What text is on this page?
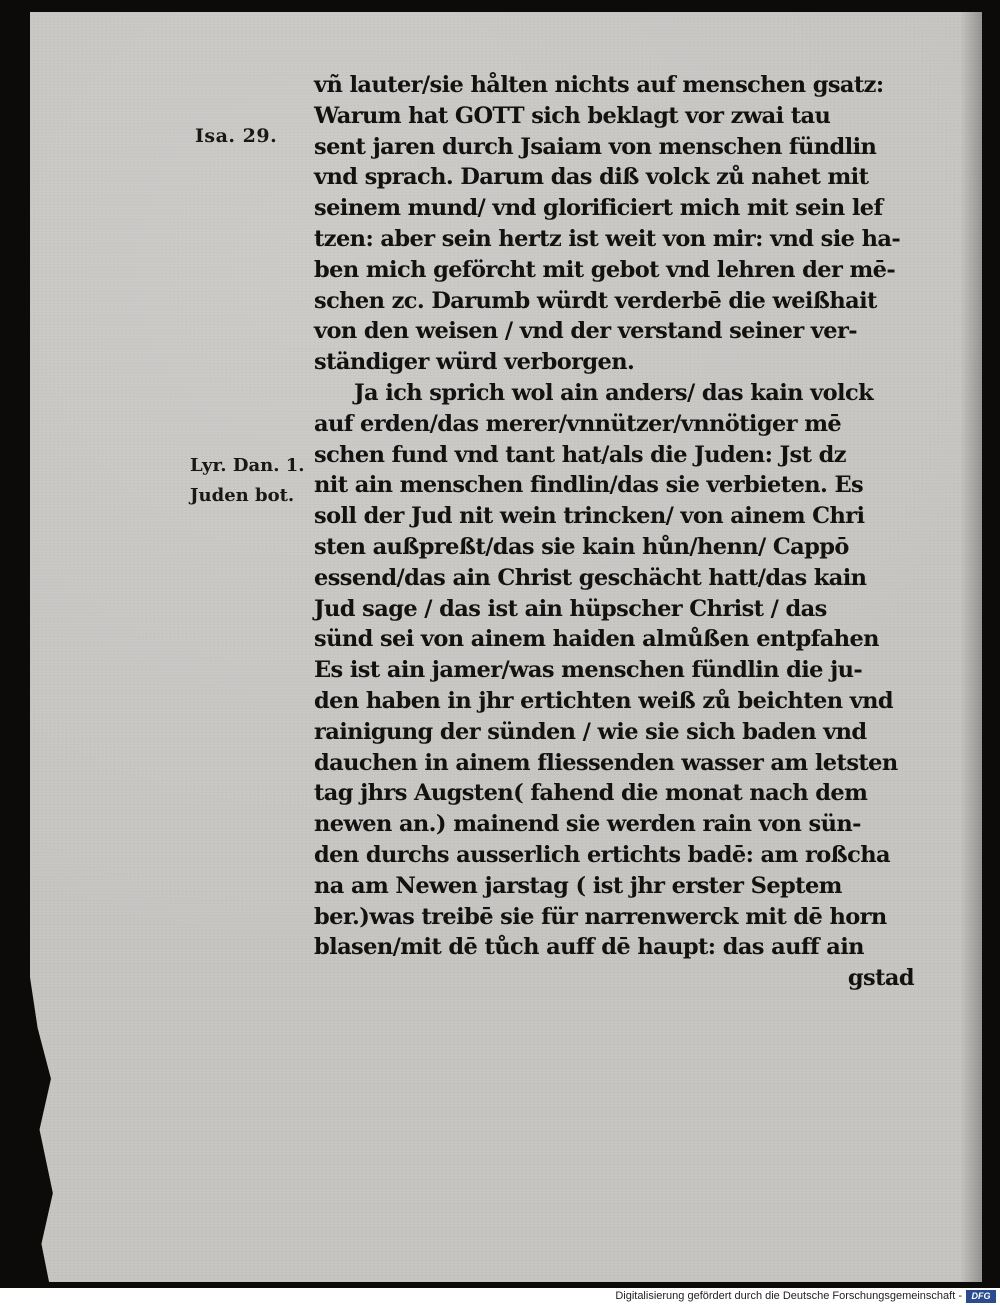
Isa. 29.
Lyr. Dan. 1.
Juden bot.
vñ lauter/sie hålten nichts auf menschen gsatz:
Warum hat GOTT sich beklagt vor zwai tau
sent jaren durch Jsaiam von menschen fündlin
vnd sprach. Darum das diß volck zů nahet mit
seinem mund/ vnd glorificiert mich mit sein lef
tzen: aber sein hertz ist weit von mir: vnd sie ha-
ben mich geförcht mit gebot vnd lehren der mē-
schen zc. Darumb würdt verderbē die weißhait
von den weisen / vnd der verstand seiner ver-
ständiger würd verborgen.
Ja ich sprich wol ain anders/ das kain volck
auf erden/das merer/vnnützer/vnnötiger mē
schen fund vnd tant hat/als die Juden: Jst dz
nit ain menschen findlin/das sie verbieten. Es
soll der Jud nit wein trincken/ von ainem Chri
sten außpreßt/das sie kain hůn/henn/ Cappō
essend/das ain Christ geschächt hatt/das kain
Jud sage / das ist ain hüpscher Christ / das
sünd sei von ainem haiden almůßen entpfahen
Es ist ain jamer/was menschen fündlin die ju-
den haben in jhr ertichten weiß zů beichten vnd
rainigung der sünden / wie sie sich baden vnd
dauchen in ainem fliessenden wasser am letsten
tag jhrs Augsten( fahend die monat nach dem
newen an.) mainend sie werden rain von sün-
den durchs ausserlich ertichts badē: am roßcha
na am Newen jarstag ( ist jhr erster Septem
ber.)was treibē sie für narrenwerck mit dē horn
blasen/mit dē tůch auff dē haupt: das auff ain
gstad
Digitalisierung gefördert durch die Deutsche Forschungsgemeinschaft -	DFG
